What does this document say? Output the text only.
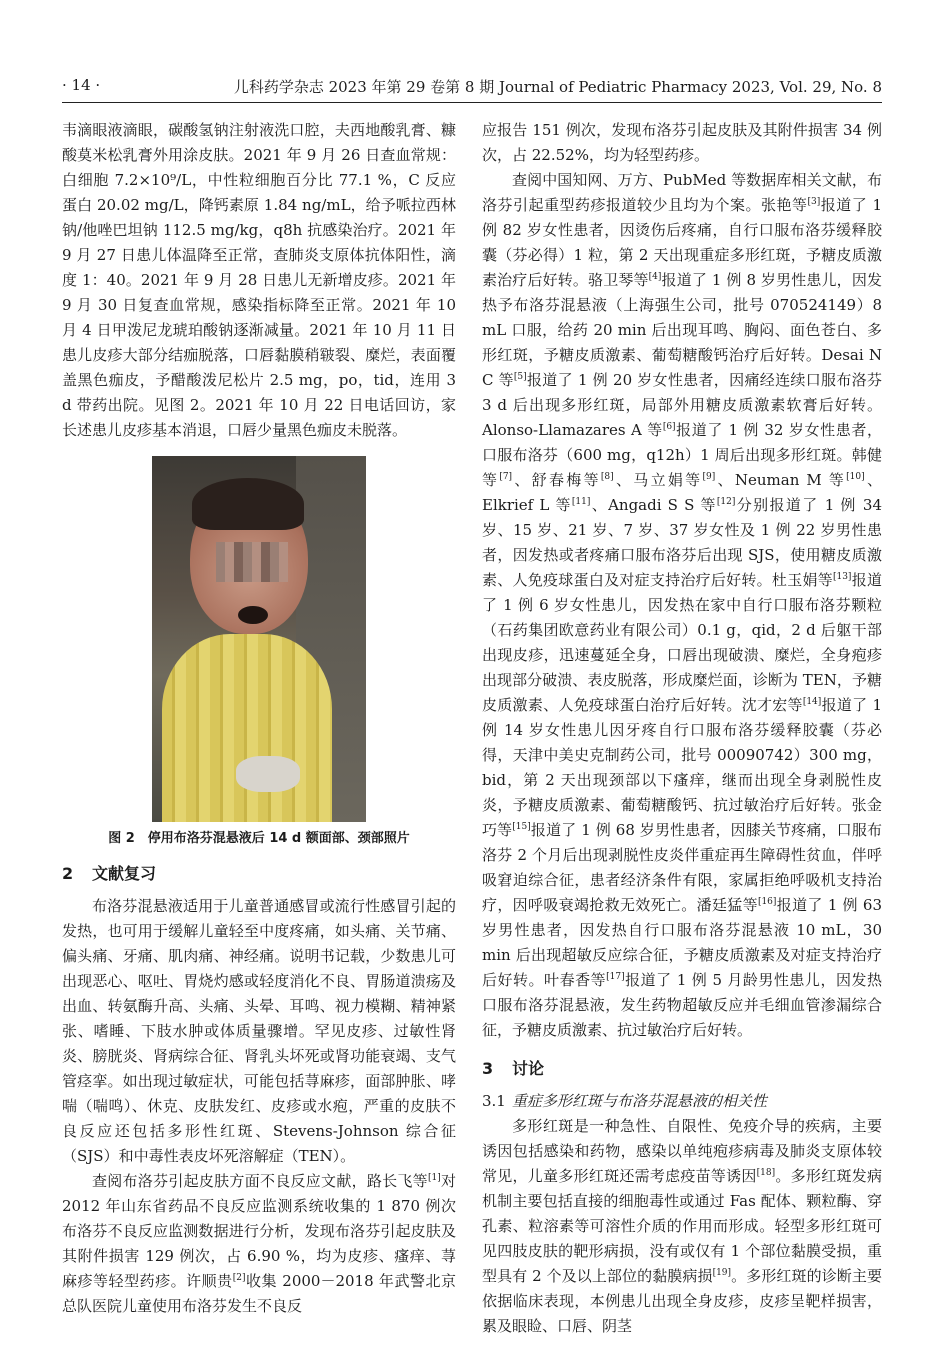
· 14 ·	儿科药学杂志 2023 年第 29 卷第 8 期 Journal of Pediatric Pharmacy 2023, Vol. 29, No. 8

韦滴眼液滴眼，碳酸氢钠注射液洗口腔，夫西地酸乳膏、糠酸莫米松乳膏外用涂皮肤。2021 年 9 月 26 日查血常规：白细胞 7.2×10⁹/L，中性粒细胞百分比 77.1 %，C 反应蛋白 20.02 mg/L，降钙素原 1.84 ng/mL，给予哌拉西林钠/他唑巴坦钠 112.5 mg/kg，q8h 抗感染治疗。2021 年 9 月 27 日患儿体温降至正常，查肺炎支原体抗体阳性，滴度 1：40。2021 年 9 月 28 日患儿无新增皮疹。2021 年 9 月 30 日复查血常规，感染指标降至正常。2021 年 10 月 4 日甲泼尼龙琥珀酸钠逐渐减量。2021 年 10 月 11 日患儿皮疹大部分结痂脱落，口唇黏膜稍皲裂、糜烂，表面覆盖黑色痂皮，予醋酸泼尼松片 2.5 mg，po，tid，连用 3 d 带药出院。见图 2。2021 年 10 月 22 日电话回访，家长述患儿皮疹基本消退，口唇少量黑色痂皮未脱落。

图 2　停用布洛芬混悬液后 14 d 额面部、颈部照片
2 文献复习

布洛芬混悬液适用于儿童普通感冒或流行性感冒引起的发热，也可用于缓解儿童轻至中度疼痛，如头痛、关节痛、偏头痛、牙痛、肌肉痛、神经痛。说明书记载，少数患儿可出现恶心、呕吐、胃烧灼感或轻度消化不良、胃肠道溃疡及出血、转氨酶升高、头痛、头晕、耳鸣、视力模糊、精神紧张、嗜睡、下肢水肿或体质量骤增。罕见皮疹、过敏性肾炎、膀胱炎、肾病综合征、肾乳头坏死或肾功能衰竭、支气管痉挛。如出现过敏症状，可能包括荨麻疹，面部肿胀、哮喘（喘鸣）、休克、皮肤发红、皮疹或水疱，严重的皮肤不良反应还包括多形性红斑、Stevens-Johnson 综合征（SJS）和中毒性表皮坏死溶解症（TEN）。

查阅布洛芬引起皮肤方面不良反应文献，路长飞等[1]对 2012 年山东省药品不良反应监测系统收集的 1 870 例次布洛芬不良反应监测数据进行分析，发现布洛芬引起皮肤及其附件损害 129 例次，占 6.90 %，均为皮疹、瘙痒、荨麻疹等轻型药疹。许顺贵[2]收集 2000－2018 年武警北京总队医院儿童使用布洛芬发生不良反

应报告 151 例次，发现布洛芬引起皮肤及其附件损害 34 例次，占 22.52%，均为轻型药疹。

查阅中国知网、万方、PubMed 等数据库相关文献，布洛芬引起重型药疹报道较少且均为个案。张艳等[3]报道了 1 例 82 岁女性患者，因烫伤后疼痛，自行口服布洛芬缓释胶囊（芬必得）1 粒，第 2 天出现重症多形红斑，予糖皮质激素治疗后好转。骆卫琴等[4]报道了 1 例 8 岁男性患儿，因发热予布洛芬混悬液（上海强生公司，批号 070524149）8 mL 口服，给药 20 min 后出现耳鸣、胸闷、面色苍白、多形红斑，予糖皮质激素、葡萄糖酸钙治疗后好转。Desai N C 等[5]报道了 1 例 20 岁女性患者，因痛经连续口服布洛芬 3 d 后出现多形红斑，局部外用糖皮质激素软膏后好转。Alonso-Llamazares A 等[6]报道了 1 例 32 岁女性患者，口服布洛芬（600 mg，q12h）1 周后出现多形红斑。韩健等[7]、舒春梅等[8]、马立娟等[9]、Neuman M 等[10]、Elkrief L 等[11]、Angadi S S 等[12]分别报道了 1 例 34 岁、15 岁、21 岁、7 岁、37 岁女性及 1 例 22 岁男性患者，因发热或者疼痛口服布洛芬后出现 SJS，使用糖皮质激素、人免疫球蛋白及对症支持治疗后好转。杜玉娟等[13]报道了 1 例 6 岁女性患儿，因发热在家中自行口服布洛芬颗粒（石药集团欧意药业有限公司）0.1 g，qid，2 d 后躯干部出现皮疹，迅速蔓延全身，口唇出现破溃、糜烂，全身疱疹出现部分破溃、表皮脱落，形成糜烂面，诊断为 TEN，予糖皮质激素、人免疫球蛋白治疗后好转。沈才宏等[14]报道了 1 例 14 岁女性患儿因牙疼自行口服布洛芬缓释胶囊（芬必得，天津中美史克制药公司，批号 00090742）300 mg，bid，第 2 天出现颈部以下瘙痒，继而出现全身剥脱性皮炎，予糖皮质激素、葡萄糖酸钙、抗过敏治疗后好转。张金巧等[15]报道了 1 例 68 岁男性患者，因膝关节疼痛，口服布洛芬 2 个月后出现剥脱性皮炎伴重症再生障碍性贫血，伴呼吸窘迫综合征，患者经济条件有限，家属拒绝呼吸机支持治疗，因呼吸衰竭抢救无效死亡。潘廷猛等[16]报道了 1 例 63 岁男性患者，因发热自行口服布洛芬混悬液 10 mL，30 min 后出现超敏反应综合征，予糖皮质激素及对症支持治疗后好转。叶春香等[17]报道了 1 例 5 月龄男性患儿，因发热口服布洛芬混悬液，发生药物超敏反应并毛细血管渗漏综合征，予糖皮质激素、抗过敏治疗后好转。

3 讨论
3.1 重症多形红斑与布洛芬混悬液的相关性

多形红斑是一种急性、自限性、免疫介导的疾病，主要诱因包括感染和药物，感染以单纯疱疹病毒及肺炎支原体较常见，儿童多形红斑还需考虑疫苗等诱因[18]。多形红斑发病机制主要包括直接的细胞毒性或通过 Fas 配体、颗粒酶、穿孔素、粒溶素等可溶性介质的作用而形成。轻型多形红斑可见四肢皮肤的靶形病损，没有或仅有 1 个部位黏膜受损，重型具有 2 个及以上部位的黏膜病损[19]。多形红斑的诊断主要依据临床表现，本例患儿出现全身皮疹，皮疹呈靶样损害，累及眼睑、口唇、阴茎
